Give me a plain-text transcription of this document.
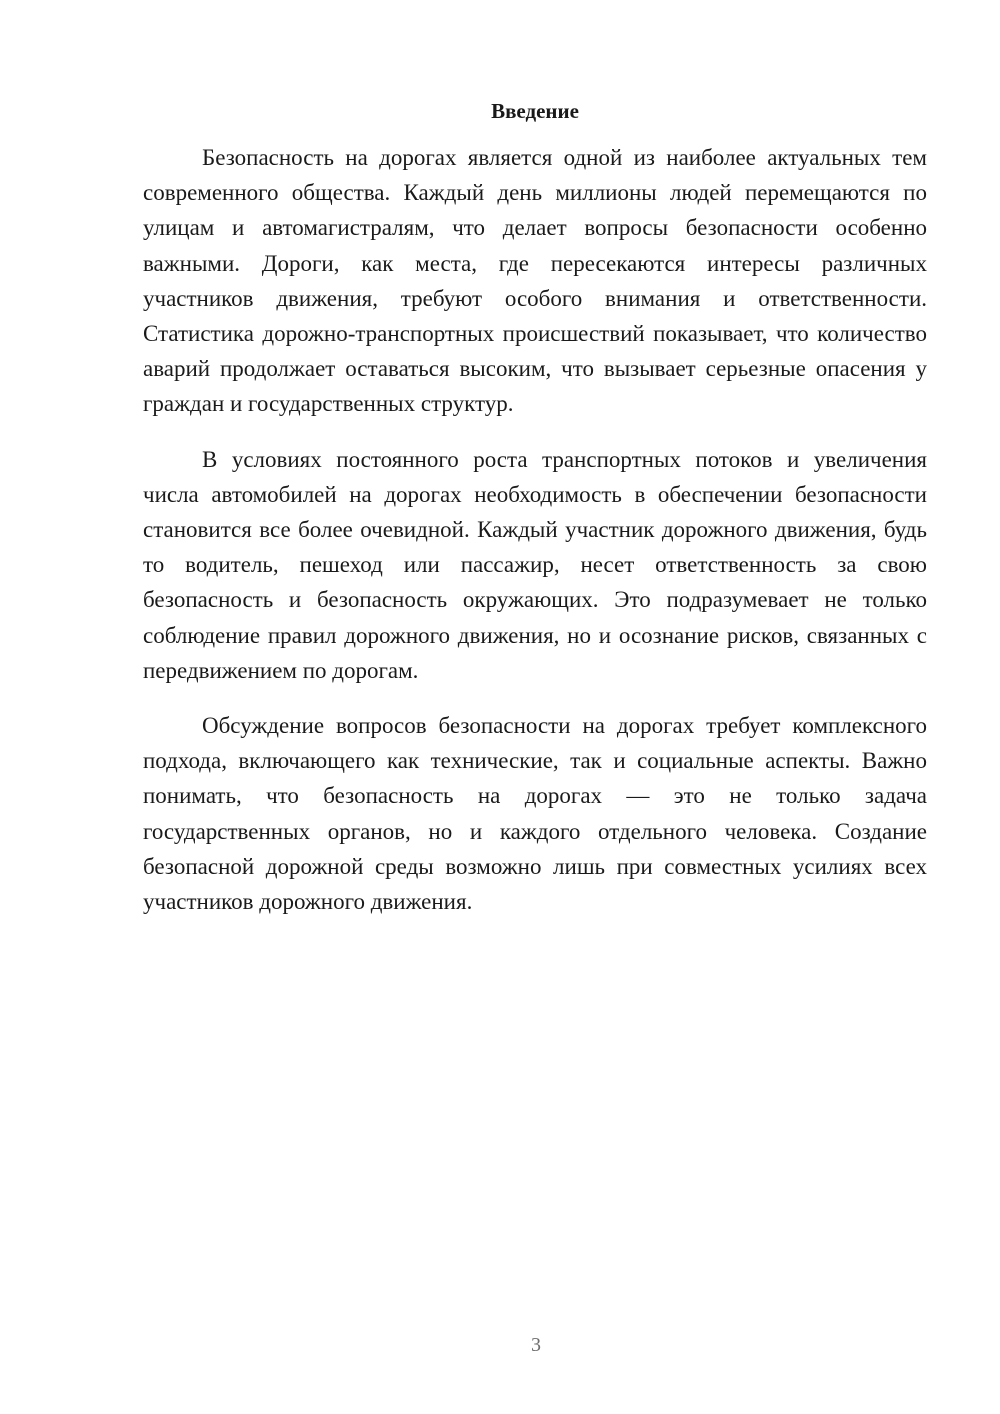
Введение

Безопасность на дорогах является одной из наиболее актуальных тем современного общества. Каждый день миллионы людей перемещаются по улицам и автомагистралям, что делает вопросы безопасности особенно важными. Дороги, как места, где пересекаются интересы различных участников движения, требуют особого внимания и ответственности. Статистика дорожно-транспортных происшествий показывает, что количество аварий продолжает оставаться высоким, что вызывает серьезные опасения у граждан и государственных структур.

В условиях постоянного роста транспортных потоков и увеличения числа автомобилей на дорогах необходимость в обеспечении безопасности становится все более очевидной. Каждый участник дорожного движения, будь то водитель, пешеход или пассажир, несет ответственность за свою безопасность и безопасность окружающих. Это подразумевает не только соблюдение правил дорожного движения, но и осознание рисков, связанных с передвижением по дорогам.

Обсуждение вопросов безопасности на дорогах требует комплексного подхода, включающего как технические, так и социальные аспекты. Важно понимать, что безопасность на дорогах — это не только задача государственных органов, но и каждого отдельного человека. Создание безопасной дорожной среды возможно лишь при совместных усилиях всех участников дорожного движения.

3
